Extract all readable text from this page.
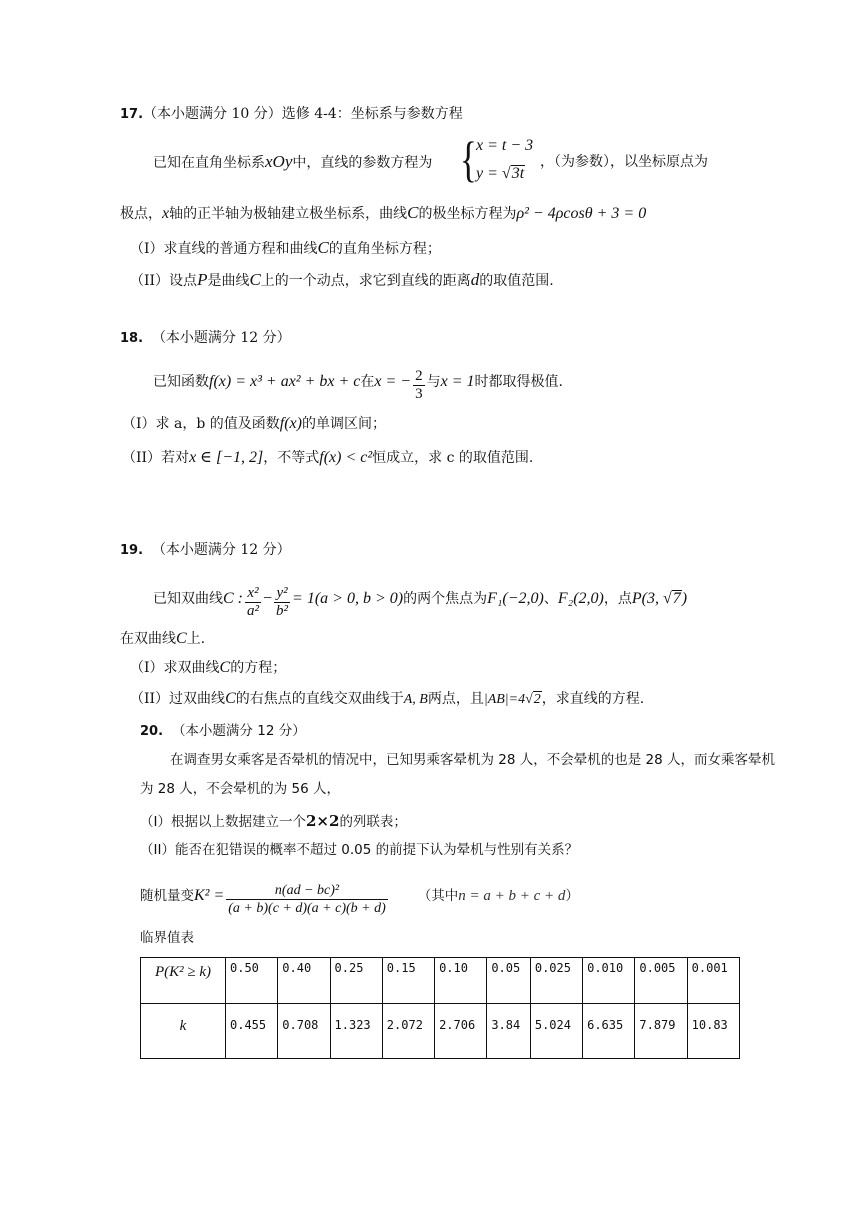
17.（本小题满分 10 分）选修 4-4：坐标系与参数方程
已知在直角坐标系xOy中，直线的参数方程为 { x = t − 3
y = √3t
，（为参数），以坐标原点为
极点，x轴的正半轴为极轴建立极坐标系，曲线C的极坐标方程为ρ² − 4ρcosθ + 3 = 0
（I）求直线的普通方程和曲线C的直角坐标方程；
（II）设点P是曲线C上的一个动点，求它到直线的距离d的取值范围.
18. （本小题满分 12 分）
已知函数f(x) = x³ + ax² + bx + c在x = − $\frac{2}{3}$ 与x = 1时都取得极值.
（I）求 a，b 的值及函数f(x)的单调区间；
（II）若对x ∈ [−1, 2]，不等式f(x) < c²恒成立，求 c 的取值范围.
19. （本小题满分 12 分）
已知双曲线C : $\frac{\text{x²}}{\text{a²}} - \frac{\text{y²}}{\text{b²}} = 1(a > 0$, b > 0)的两个焦点为F₁(−2,0)、F₂(2,0)，点P(3, √7)
在双曲线C上.
（I）求双曲线C的方程；
（II）过双曲线C的右焦点的直线交双曲线于A, B两点，且|AB|=4√2，求直线的方程.
20. （本小题满分 12 分）
在调查男女乘客是否晕机的情况中，已知男乘客晕机为 28 人，不会晕机的也是 28 人，而女乘客晕机
为 28 人，不会晕机的为 56 人，
（I）根据以上数据建立一个2×2的列联表；
（II）能否在犯错误的概率不超过 0.05 的前提下认为晕机与性别有关系？
随机量变$K^2 = \frac{\text{n(ad − bc)²}}{(a + b)(c + d)(a + c)(b + d)}$ （其中n = a + b + c + d）
临界值表
P(K² ≥ k)	0.50	0.40	0.25	0.15	0.10	0.05	0.025	0.010	0.005	0.001
k	0.455	0.708	1.323	2.072	2.706	3.84	5.024	6.635	7.879	10.83
